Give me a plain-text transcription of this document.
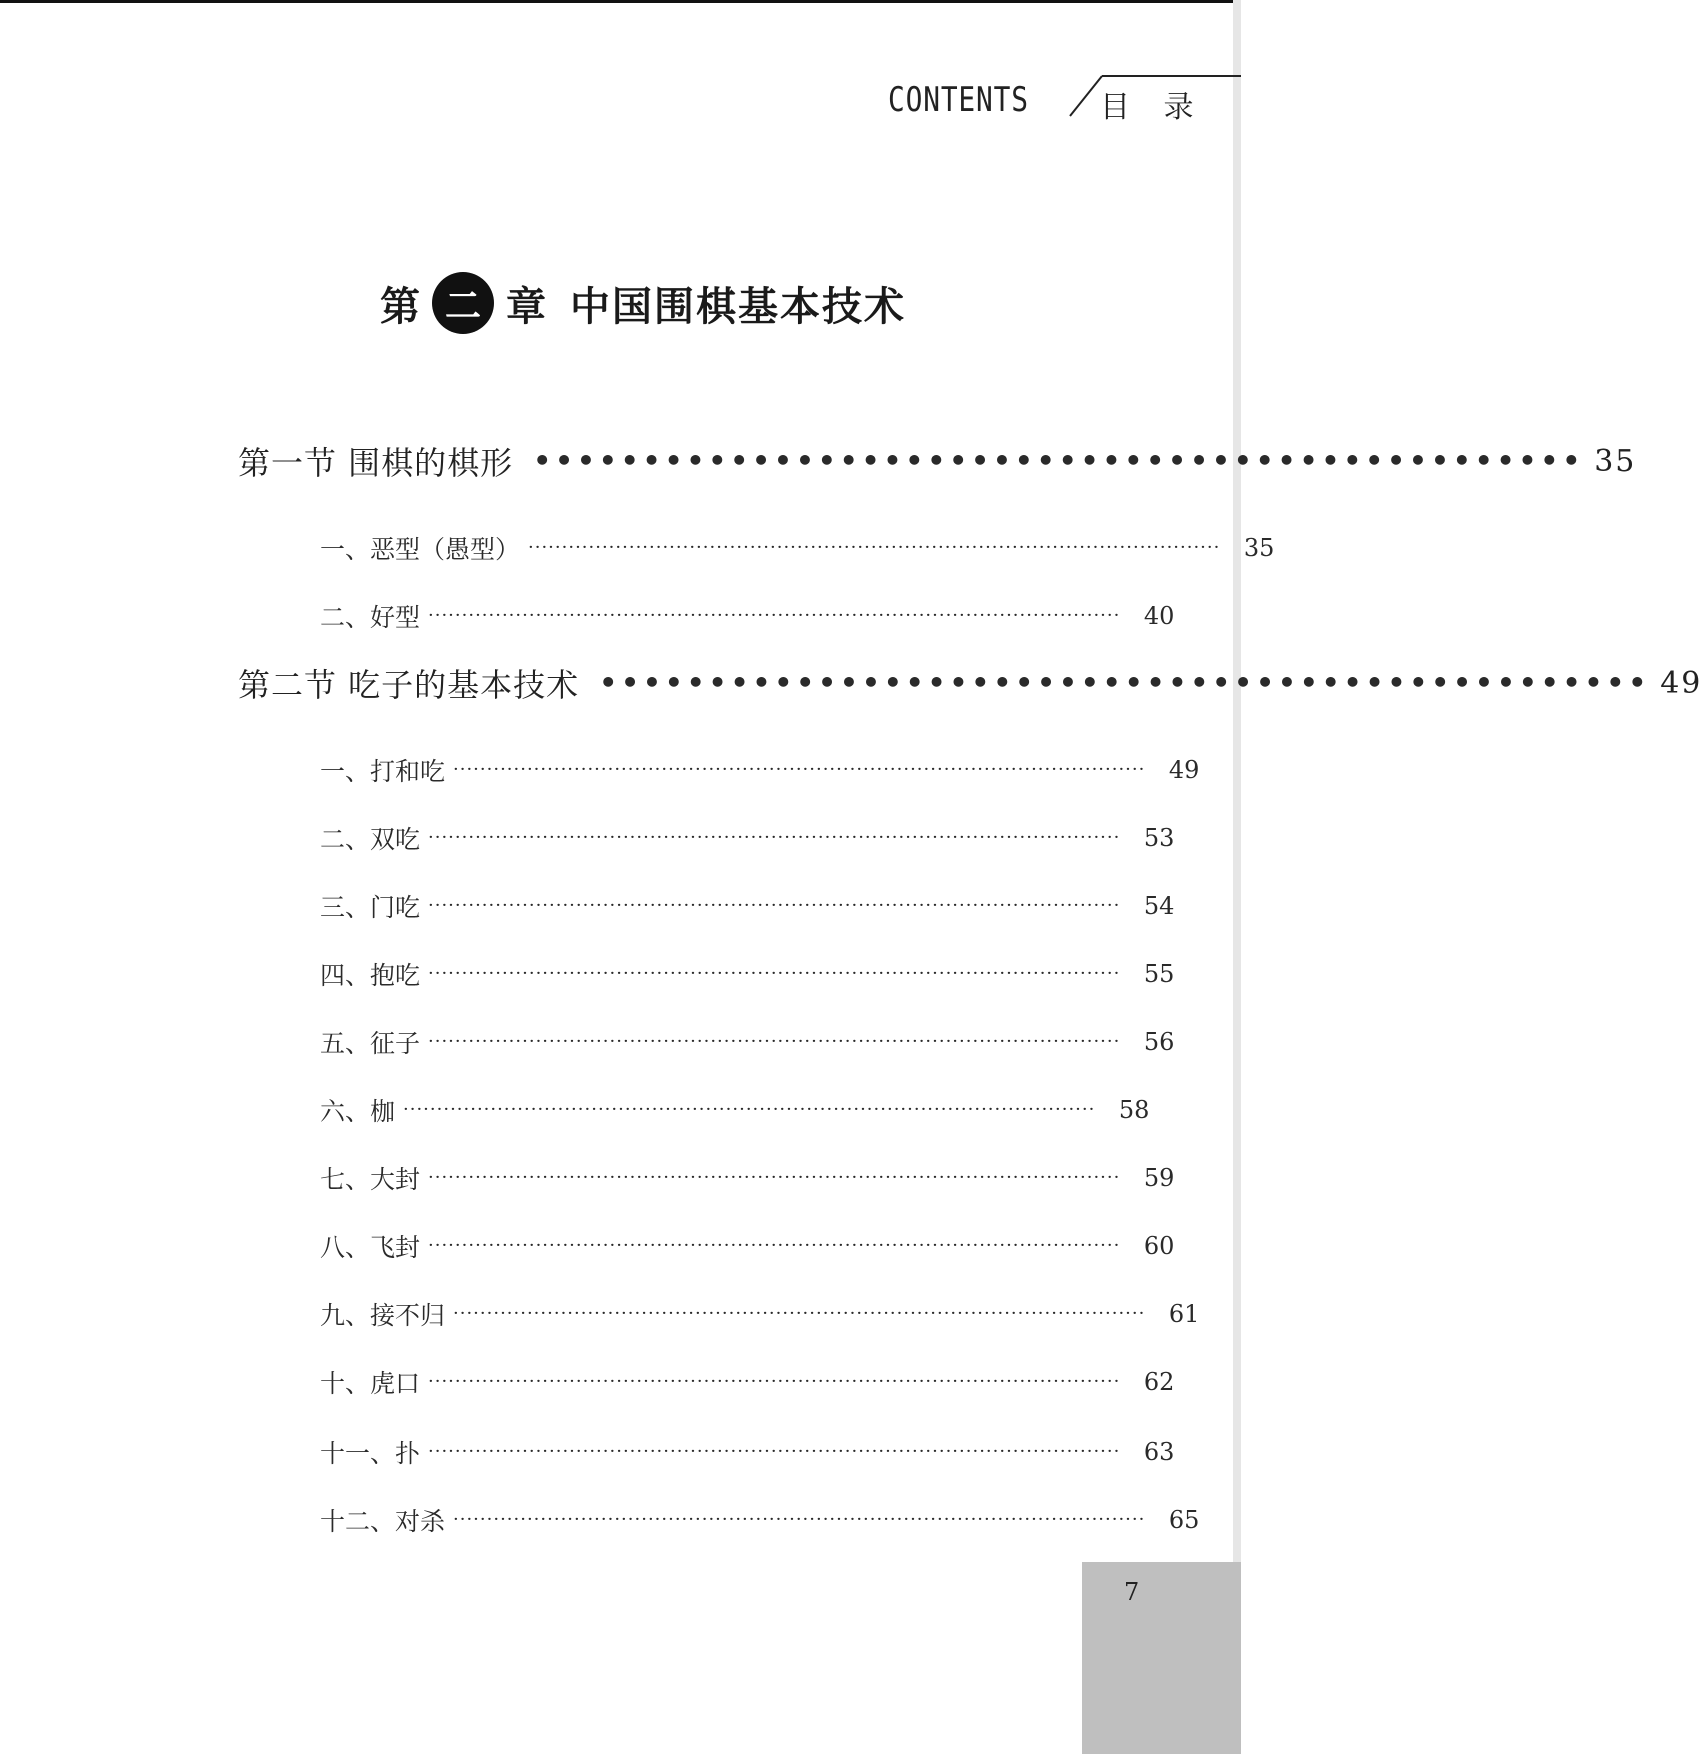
CONTENTS 目 录
第 二 章 中国围棋基本技术
第一节 围棋的棋形 •••••••••••••••••••••••••••••••••••••••••••••••• 35
一、恶型（愚型） ······································································································· 35
二、好型 ······································································································· 40
第二节 吃子的基本技术 •••••••••••••••••••••••••••••••••••••••••••••••• 49
一、打和吃 ······································································································· 49
二、双吃 ······································································································· 53
三、门吃 ······································································································· 54
四、抱吃 ······································································································· 55
五、征子 ······································································································· 56
六、枷 ······································································································· 58
七、大封 ······································································································· 59
八、飞封 ······································································································· 60
九、接不归 ······································································································· 61
十、虎口 ······································································································· 62
十一、扑 ······································································································· 63
十二、对杀 ······································································································· 65
7
